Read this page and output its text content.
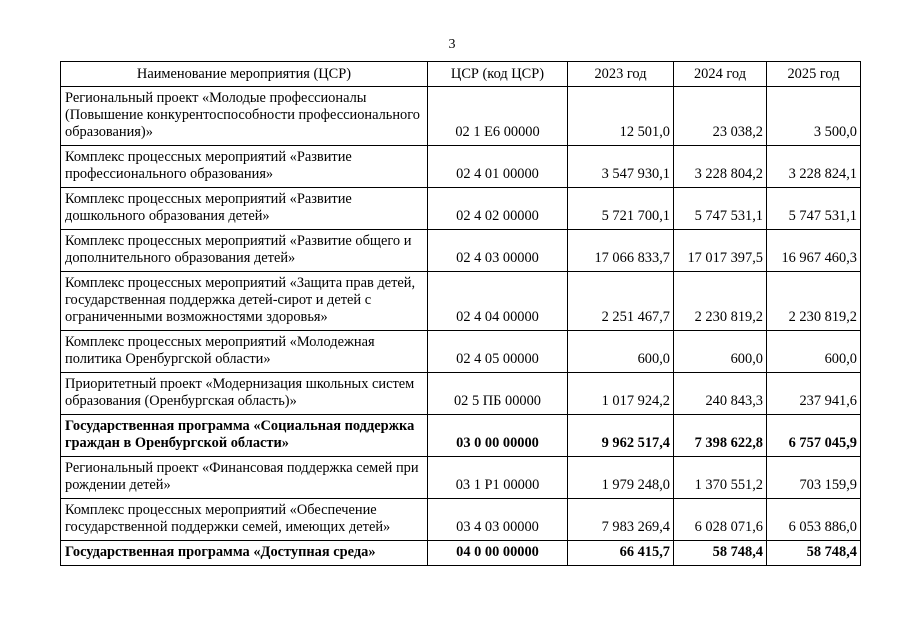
3
Наименование мероприятия (ЦСР)	ЦСР (код ЦСР)	2023 год	2024 год	2025 год
Региональный проект «Молодые профессионалы (Повышение конкурентоспособности профессионального образования)»	02 1 Е6 00000	12 501,0	23 038,2	3 500,0
Комплекс процессных мероприятий «Развитие профессионального образования»	02 4 01 00000	3 547 930,1	3 228 804,2	3 228 824,1
Комплекс процессных мероприятий «Развитие дошкольного образования детей»	02 4 02 00000	5 721 700,1	5 747 531,1	5 747 531,1
Комплекс процессных мероприятий «Развитие общего и дополнительного образования детей»	02 4 03 00000	17 066 833,7	17 017 397,5	16 967 460,3
Комплекс процессных мероприятий «Защита прав детей, государственная поддержка детей-сирот и детей с ограниченными возможностями здоровья»	02 4 04 00000	2 251 467,7	2 230 819,2	2 230 819,2
Комплекс процессных мероприятий «Молодежная политика Оренбургской области»	02 4 05 00000	600,0	600,0	600,0
Приоритетный проект «Модернизация школьных систем образования (Оренбургская область)»	02 5 ПБ 00000	1 017 924,2	240 843,3	237 941,6
Государственная программа «Социальная поддержка граждан в Оренбургской области»	03 0 00 00000	9 962 517,4	7 398 622,8	6 757 045,9
Региональный проект «Финансовая поддержка семей при рождении детей»	03 1 Р1 00000	1 979 248,0	1 370 551,2	703 159,9
Комплекс процессных мероприятий «Обеспечение государственной поддержки семей, имеющих детей»	03 4 03 00000	7 983 269,4	6 028 071,6	6 053 886,0
Государственная программа «Доступная среда»	04 0 00 00000	66 415,7	58 748,4	58 748,4
